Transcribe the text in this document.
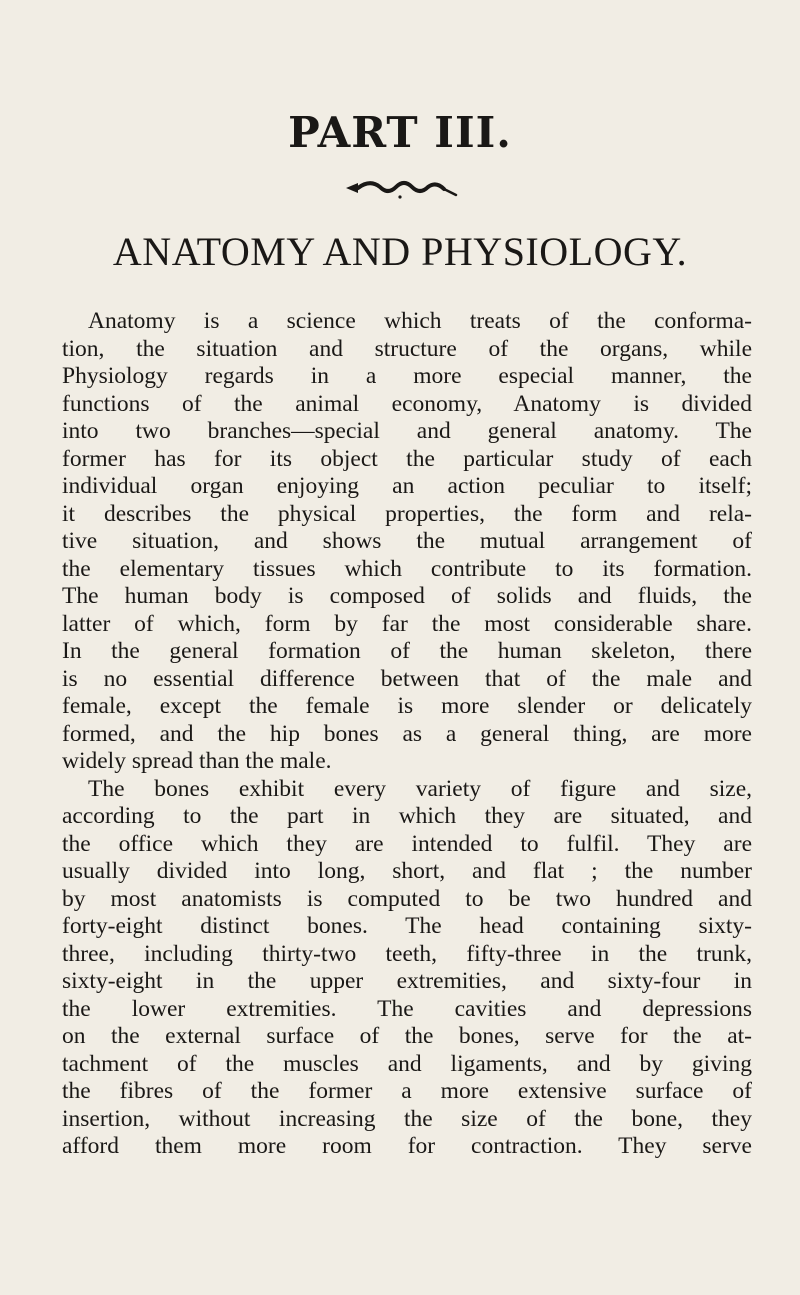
PART III.
ANATOMY AND PHYSIOLOGY.
Anatomy is a science which treats of the conforma-
tion, the situation and structure of the organs, while
Physiology regards in a more especial manner, the
functions of the animal economy, Anatomy is divided
into two branches—special and general anatomy. The
former has for its object the particular study of each
individual organ enjoying an action peculiar to itself;
it describes the physical properties, the form and rela-
tive situation, and shows the mutual arrangement of
the elementary tissues which contribute to its formation.
The human body is composed of solids and fluids, the
latter of which, form by far the most considerable share.
In the general formation of the human skeleton, there
is no essential difference between that of the male and
female, except the female is more slender or delicately
formed, and the hip bones as a general thing, are more
widely spread than the male.
The bones exhibit every variety of figure and size,
according to the part in which they are situated, and
the office which they are intended to fulfil. They are
usually divided into long, short, and flat ; the number
by most anatomists is computed to be two hundred and
forty-eight distinct bones. The head containing sixty-
three, including thirty-two teeth, fifty-three in the trunk,
sixty-eight in the upper extremities, and sixty-four in
the lower extremities. The cavities and depressions
on the external surface of the bones, serve for the at-
tachment of the muscles and ligaments, and by giving
the fibres of the former a more extensive surface of
insertion, without increasing the size of the bone, they
afford them more room for contraction. They serve
